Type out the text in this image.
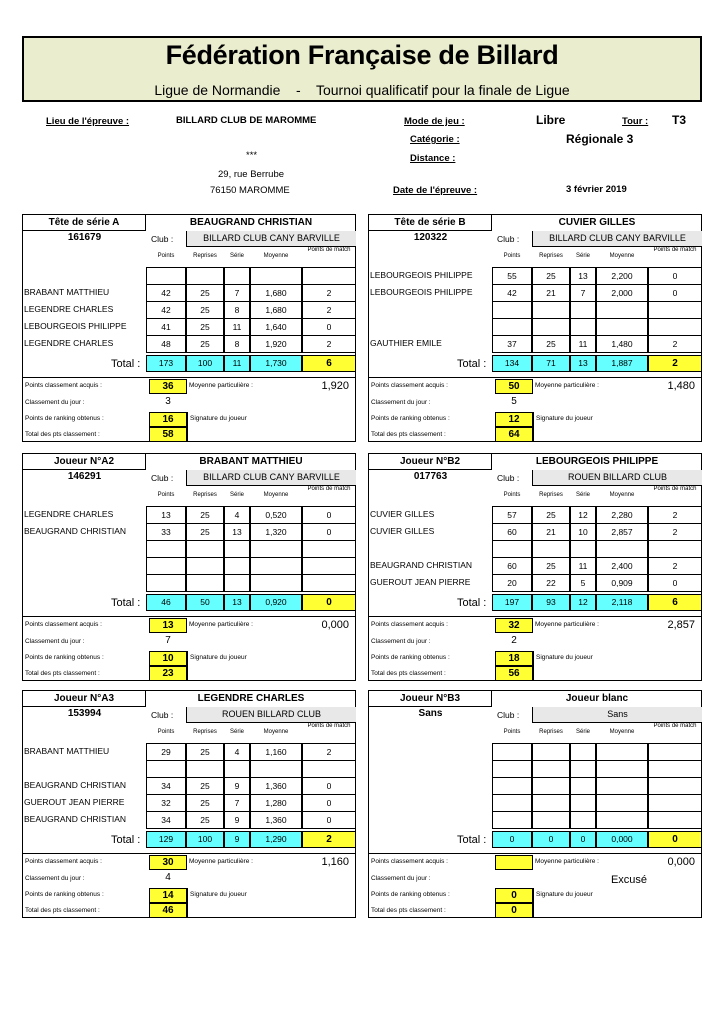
Fédération Française de Billard
Ligue de Normandie - Tournoi qualificatif pour la finale de Ligue
Lieu de l'épreuve :	BILLARD CLUB DE MAROMME
***
29, rue Berrube
76150 MAROMME
Mode de jeu :	Libre	Tour : T3
Catégorie :	Régionale 3
Distance :
Date de l'épreuve :	3 février 2019
Tête de série A	BEAUGRAND CHRISTIAN
161679	Club :	BILLARD CLUB CANY BARVILLE
Points	Reprises	Série	Moyenne
Points de match
BRABANT MATTHIEU	42	25	7	1,680	2
LEGENDRE CHARLES	42	25	8	1,680	2
LEBOURGEOIS PHILIPPE	41	25	11	1,640	0
LEGENDRE CHARLES	48	25	8	1,920	2
Total :	173	100	11	1,730	6
Points classement acquis :	36	Moyenne particulière :	1,920
Classement du jour :	3
Points de ranking obtenus :	16	Signature du joueur
Total des pts classement :	58
Tête de série B	CUVIER GILLES
120322	Club :	BILLARD CLUB CANY BARVILLE
Points	Reprises	Série	Moyenne
Points de match
LEBOURGEOIS PHILIPPE	55	25	13	2,200	0
LEBOURGEOIS PHILIPPE	42	21	7	2,000	0
GAUTHIER EMILE	37	25	11	1,480	2
Total :	134	71	13	1,887	2
Points classement acquis :	50	Moyenne particulière :	1,480
Classement du jour :	5
Points de ranking obtenus :	12	Signature du joueur
Total des pts classement :	64
Joueur N°A2	BRABANT MATTHIEU
146291	Club :	BILLARD CLUB CANY BARVILLE
Points	Reprises	Série	Moyenne
Points de match
LEGENDRE CHARLES	13	25	4	0,520	0
BEAUGRAND CHRISTIAN	33	25	13	1,320	0
Total :	46	50	13	0,920	0
Points classement acquis :	13	Moyenne particulière :	0,000
Classement du jour :	7
Points de ranking obtenus :	10	Signature du joueur
Total des pts classement :	23
Joueur N°B2	LEBOURGEOIS PHILIPPE
017763	Club :	ROUEN BILLARD CLUB
Points	Reprises	Série	Moyenne
Points de match
CUVIER GILLES	57	25	12	2,280	2
CUVIER GILLES	60	21	10	2,857	2
BEAUGRAND CHRISTIAN	60	25	11	2,400	2
GUEROUT JEAN PIERRE	20	22	5	0,909	0
Total :	197	93	12	2,118	6
Points classement acquis :	32	Moyenne particulière :	2,857
Classement du jour :	2
Points de ranking obtenus :	18	Signature du joueur
Total des pts classement :	56
Joueur N°A3	LEGENDRE CHARLES
153994	Club :	ROUEN BILLARD CLUB
Points	Reprises	Série	Moyenne
Points de match
BRABANT MATTHIEU	29	25	4	1,160	2
BEAUGRAND CHRISTIAN	34	25	9	1,360	0
GUEROUT JEAN PIERRE	32	25	7	1,280	0
BEAUGRAND CHRISTIAN	34	25	9	1,360	0
Total :	129	100	9	1,290	2
Points classement acquis :	30	Moyenne particulière :	1,160
Classement du jour :	4
Points de ranking obtenus :	14	Signature du joueur
Total des pts classement :	46
Joueur N°B3	Joueur blanc
Sans	Club :	Sans
Points	Reprises	Série	Moyenne
Points de match
Total :	0	0	0	0,000	0
Points classement acquis :	Moyenne particulière :	0,000
Classement du jour :	Excusé
Points de ranking obtenus :	0	Signature du joueur
Total des pts classement :	0
